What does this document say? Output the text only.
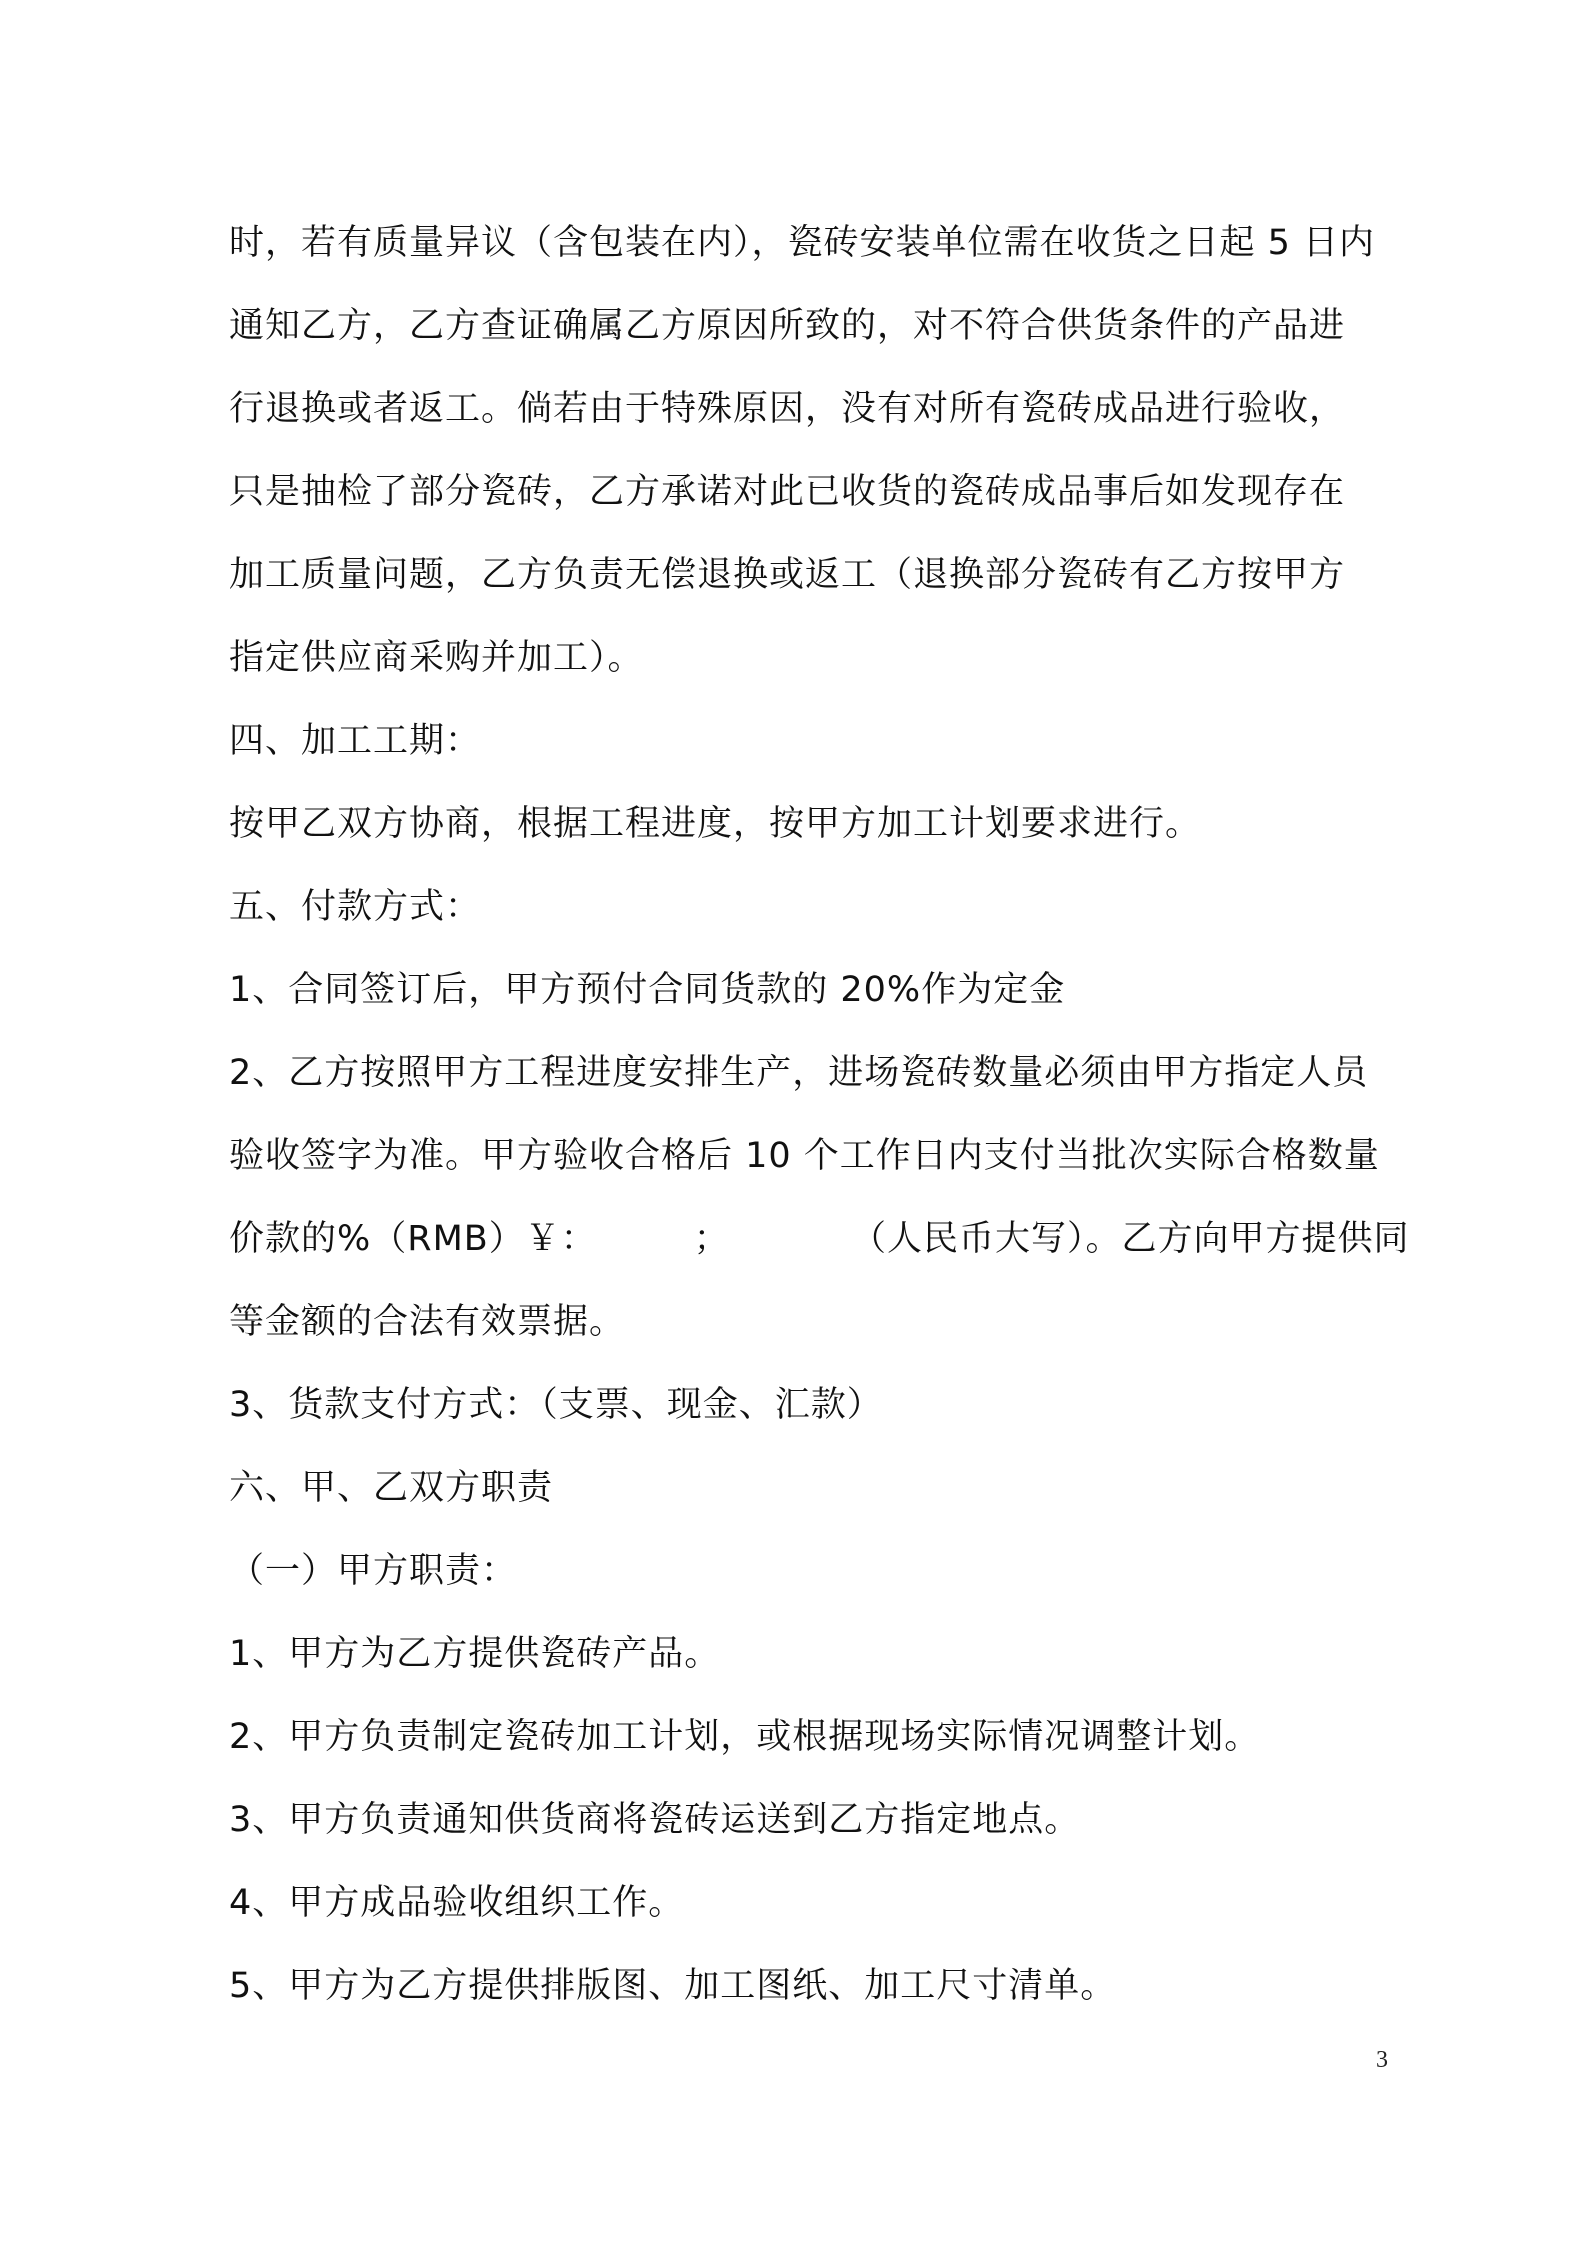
时，若有质量异议（含包装在内），瓷砖安装单位需在收货之日起 5 日内
通知乙方，乙方查证确属乙方原因所致的，对不符合供货条件的产品进
行退换或者返工。倘若由于特殊原因，没有对所有瓷砖成品进行验收，
只是抽检了部分瓷砖，乙方承诺对此已收货的瓷砖成品事后如发现存在
加工质量问题，乙方负责无偿退换或返工（退换部分瓷砖有乙方按甲方
指定供应商采购并加工）。
四、加工工期：
按甲乙双方协商，根据工程进度，按甲方加工计划要求进行。
五、付款方式：
1、合同签订后，甲方预付合同货款的 20%作为定金
2、乙方按照甲方工程进度安排生产，进场瓷砖数量必须由甲方指定人员
验收签字为准。甲方验收合格后 10 个工作日内支付当批次实际合格数量
价款的%（RMB）￥：        ；          （人民币大写）。乙方向甲方提供同
等金额的合法有效票据。
3、货款支付方式：（支票、现金、汇款）
六、甲、乙双方职责
（一）甲方职责：
1、甲方为乙方提供瓷砖产品。
2、甲方负责制定瓷砖加工计划，或根据现场实际情况调整计划。
3、甲方负责通知供货商将瓷砖运送到乙方指定地点。
4、甲方成品验收组织工作。
5、甲方为乙方提供排版图、加工图纸、加工尺寸清单。
3
